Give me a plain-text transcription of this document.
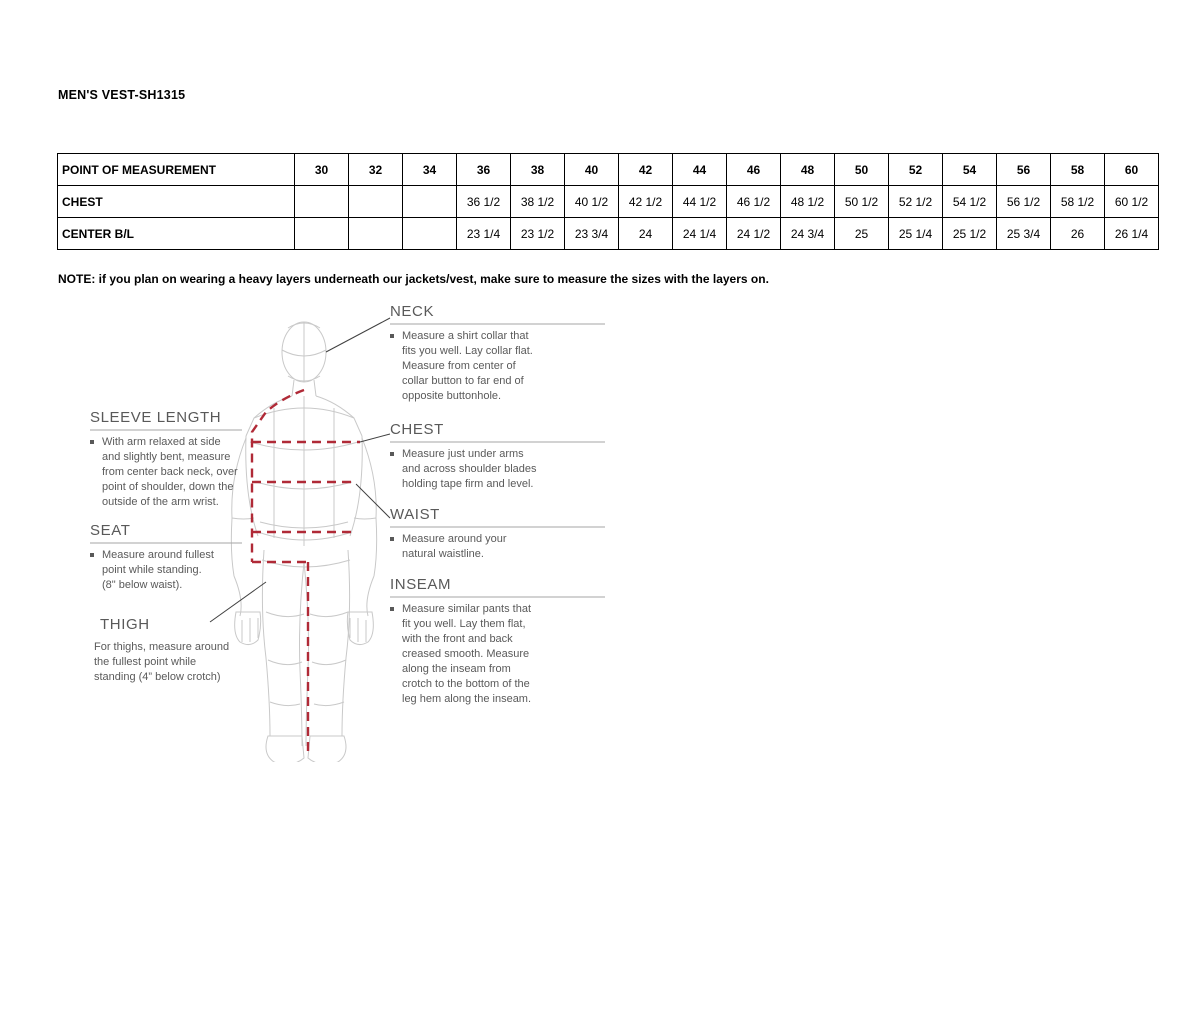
MEN'S VEST-SH1315
POINT OF MEASUREMENT	30	32	34	36	38	40	42	44	46	48	50	52	54	56	58	60
CHEST				36 1/2	38 1/2	40 1/2	42 1/2	44 1/2	46 1/2	48 1/2	50 1/2	52 1/2	54 1/2	56 1/2	58 1/2	60 1/2
CENTER B/L				23 1/4	23 1/2	23 3/4	24	24 1/4	24 1/2	24 3/4	25	25 1/4	25 1/2	25 3/4	26	26 1/4
NOTE: if you plan on wearing a heavy layers underneath our jackets/vest, make sure to measure the sizes with the layers on.
NECK
Measure a shirt collar that
fits you well. Lay collar flat.
Measure from center of
collar button to far end of
opposite buttonhole.
CHEST
Measure just under arms
and across shoulder blades
holding tape firm and level.
WAIST
Measure around your
natural waistline.
INSEAM
Measure similar pants that
fit you well. Lay them flat,
with the front and back
creased smooth. Measure
along the inseam from
crotch to the bottom of the
leg hem along the inseam.
SLEEVE LENGTH
With arm relaxed at side
and slightly bent, measure
from center back neck, over
point of shoulder, down the
outside of the arm wrist.
SEAT
Measure around fullest
point while standing.
(8" below waist).
THIGH
For thighs, measure around
the fullest point while
standing (4” below crotch)
